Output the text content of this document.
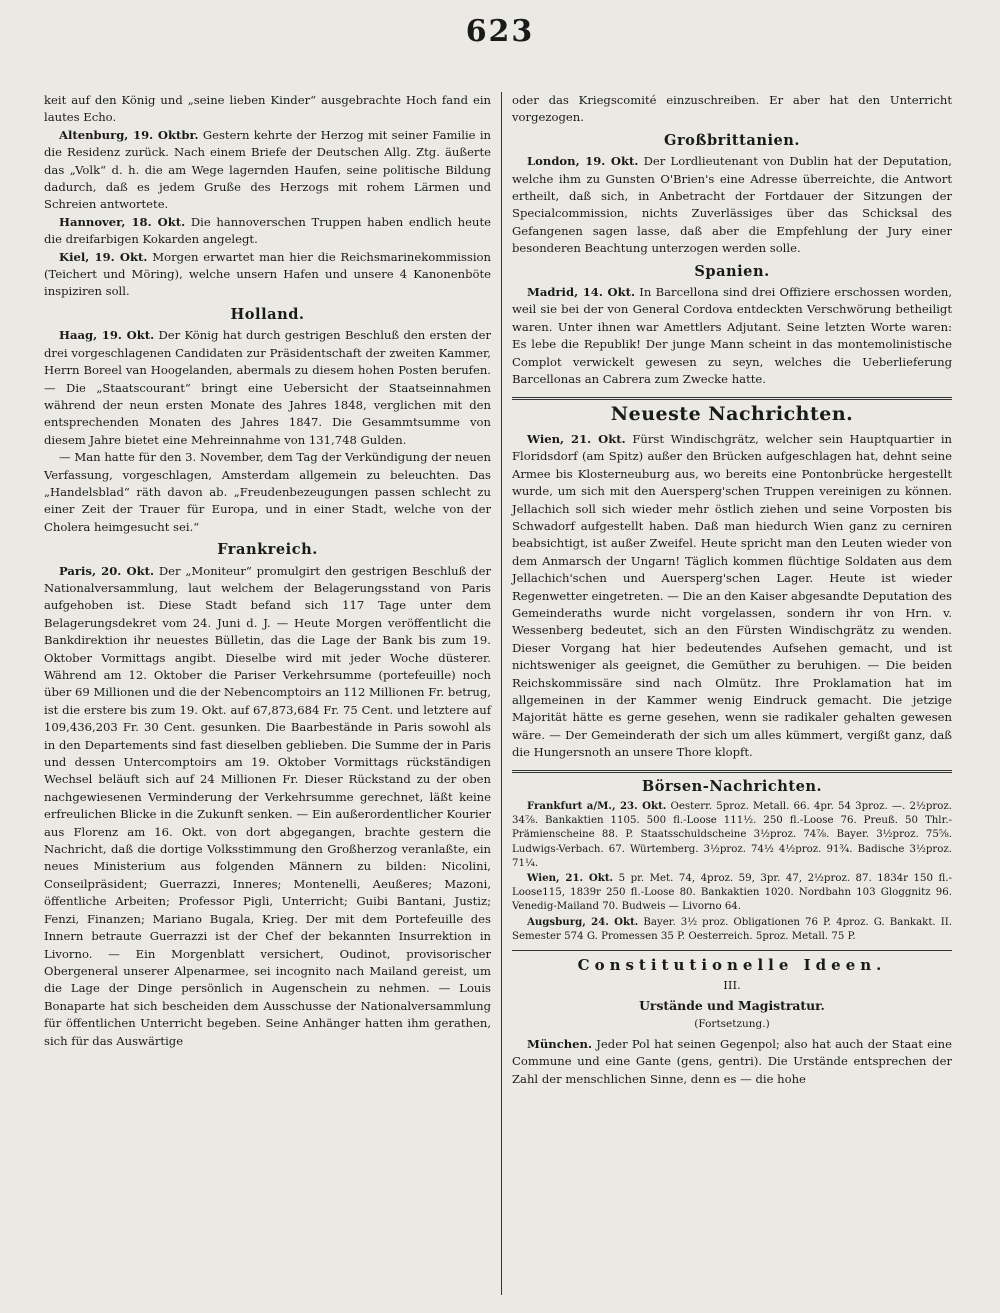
623

keit auf den König und „seine lieben Kinder“ ausgebrachte Hoch fand ein lautes Echo.

Altenburg, 19. Oktbr. Gestern kehrte der Herzog mit seiner Familie in die Residenz zurück. Nach einem Briefe der Deutschen Allg. Ztg. äußerte das „Volk“ d. h. die am Wege lagernden Haufen, seine politische Bildung dadurch, daß es jedem Gruße des Herzogs mit rohem Lärmen und Schreien antwortete.

Hannover, 18. Okt. Die hannoverschen Truppen haben endlich heute die dreifarbigen Kokarden angelegt.

Kiel, 19. Okt. Morgen erwartet man hier die Reichsmarinekommission (Teichert und Möring), welche unsern Hafen und unsere 4 Kanonenböte inspiziren soll.

Holland.

Haag, 19. Okt. Der König hat durch gestrigen Beschluß den ersten der drei vorgeschlagenen Candidaten zur Präsidentschaft der zweiten Kammer, Herrn Boreel van Hoogelanden, abermals zu diesem hohen Posten berufen. — Die „Staatscourant“ bringt eine Uebersicht der Staatseinnahmen während der neun ersten Monate des Jahres 1848, verglichen mit den entsprechenden Monaten des Jahres 1847. Die Gesammtsumme von diesem Jahre bietet eine Mehreinnahme von 131,748 Gulden.

— Man hatte für den 3. November, dem Tag der Verkündigung der neuen Verfassung, vorgeschlagen, Amsterdam allgemein zu beleuchten. Das „Handelsblad“ räth davon ab. „Freudenbezeugungen passen schlecht zu einer Zeit der Trauer für Europa, und in einer Stadt, welche von der Cholera heimgesucht sei.“

Frankreich.

Paris, 20. Okt. Der „Moniteur“ promulgirt den gestrigen Beschluß der Nationalversammlung, laut welchem der Belagerungsstand von Paris aufgehoben ist. Diese Stadt befand sich 117 Tage unter dem Belagerungsdekret vom 24. Juni d. J. — Heute Morgen veröffentlicht die Bankdirektion ihr neuestes Bülletin, das die Lage der Bank bis zum 19. Oktober Vormittags angibt. Dieselbe wird mit jeder Woche düsterer. Während am 12. Oktober die Pariser Verkehrsumme (portefeuille) noch über 69 Millionen und die der Nebencomptoirs an 112 Millionen Fr. betrug, ist die erstere bis zum 19. Okt. auf 67,873,684 Fr. 75 Cent. und letztere auf 109,436,203 Fr. 30 Cent. gesunken. Die Baarbestände in Paris sowohl als in den Departements sind fast dieselben geblieben. Die Summe der in Paris und dessen Untercomptoirs am 19. Oktober Vormittags rückständigen Wechsel beläuft sich auf 24 Millionen Fr. Dieser Rückstand zu der oben nachgewiesenen Verminderung der Verkehrsumme gerechnet, läßt keine erfreulichen Blicke in die Zukunft senken. — Ein außerordentlicher Kourier aus Florenz am 16. Okt. von dort abgegangen, brachte gestern die Nachricht, daß die dortige Volksstimmung den Großherzog veranlaßte, ein neues Ministerium aus folgenden Männern zu bilden: Nicolini, Conseilpräsident; Guerrazzi, Inneres; Montenelli, Aeußeres; Mazoni, öffentliche Arbeiten; Professor Pigli, Unterricht; Guibi Bantani, Justiz; Fenzi, Finanzen; Mariano Bugala, Krieg. Der mit dem Portefeuille des Innern betraute Guerrazzi ist der Chef der bekannten Insurrektion in Livorno. — Ein Morgenblatt versichert, Oudinot, provisorischer Obergeneral unserer Alpenarmee, sei incognito nach Mailand gereist, um die Lage der Dinge persönlich in Augenschein zu nehmen. — Louis Bonaparte hat sich bescheiden dem Ausschusse der Nationalversammlung für öffentlichen Unterricht begeben. Seine Anhänger hatten ihm gerathen, sich für das Auswärtige

oder das Kriegscomité einzuschreiben. Er aber hat den Unterricht vorgezogen.

Großbrittanien.

London, 19. Okt. Der Lordlieutenant von Dublin hat der Deputation, welche ihm zu Gunsten O'Brien's eine Adresse überreichte, die Antwort ertheilt, daß sich, in Anbetracht der Fortdauer der Sitzungen der Specialcommission, nichts Zuverlässiges über das Schicksal des Gefangenen sagen lasse, daß aber die Empfehlung der Jury einer besonderen Beachtung unterzogen werden solle.

Spanien.

Madrid, 14. Okt. In Barcellona sind drei Offiziere erschossen worden, weil sie bei der von General Cordova entdeckten Verschwörung betheiligt waren. Unter ihnen war Amettlers Adjutant. Seine letzten Worte waren: Es lebe die Republik! Der junge Mann scheint in das montemolinistische Complot verwickelt gewesen zu seyn, welches die Ueberlieferung Barcellonas an Cabrera zum Zwecke hatte.

Neueste Nachrichten.

Wien, 21. Okt. Fürst Windischgrätz, welcher sein Hauptquartier in Floridsdorf (am Spitz) außer den Brücken aufgeschlagen hat, dehnt seine Armee bis Klosterneuburg aus, wo bereits eine Pontonbrücke hergestellt wurde, um sich mit den Auersperg'schen Truppen vereinigen zu können. Jellachich soll sich wieder mehr östlich ziehen und seine Vorposten bis Schwadorf aufgestellt haben. Daß man hiedurch Wien ganz zu cerniren beabsichtigt, ist außer Zweifel. Heute spricht man den Leuten wieder von dem Anmarsch der Ungarn! Täglich kommen flüchtige Soldaten aus dem Jellachich'schen und Auersperg'schen Lager. Heute ist wieder Regenwetter eingetreten. — Die an den Kaiser abgesandte Deputation des Gemeinderaths wurde nicht vorgelassen, sondern ihr von Hrn. v. Wessenberg bedeutet, sich an den Fürsten Windischgrätz zu wenden. Dieser Vorgang hat hier bedeutendes Aufsehen gemacht, und ist nichtsweniger als geeignet, die Gemüther zu beruhigen. — Die beiden Reichskommissäre sind nach Olmütz. Ihre Proklamation hat im allgemeinen in der Kammer wenig Eindruck gemacht. Die jetzige Majorität hätte es gerne gesehen, wenn sie radikaler gehalten gewesen wäre. — Der Gemeinderath der sich um alles kümmert, vergißt ganz, daß die Hungersnoth an unsere Thore klopft.

Börsen-Nachrichten.

Frankfurt a/M., 23. Okt. Oesterr. 5proz. Metall. 66. 4pr. 54 3proz. —. 2½proz. 34⅞. Bankaktien 1105. 500 fl.-Loose 111½. 250 fl.-Loose 76. Preuß. 50 Thlr.-Prämienscheine 88. P. Staatsschuldscheine 3½proz. 74⅞. Bayer. 3½proz. 75⅝. Ludwigs-Verbach. 67. Würtemberg. 3½proz. 74½ 4½proz. 91¾. Badische 3½proz. 71¼.

Wien, 21. Okt. 5 pr. Met. 74, 4proz. 59, 3pr. 47, 2½proz. 87. 1834r 150 fl.-Loose115, 1839r 250 fl.-Loose 80. Bankaktien 1020. Nordbahn 103 Gloggnitz 96. Venedig-Mailand 70. Budweis — Livorno 64.

Augsburg, 24. Okt. Bayer. 3½ proz. Obligationen 76 P. 4proz. G. Bankakt. II. Semester 574 G. Promessen 35 P. Oesterreich. 5proz. Metall. 75 P.

Constitutionelle Ideen.
III.
Urstände und Magistratur.
(Fortsetzung.)

München. Jeder Pol hat seinen Gegenpol; also hat auch der Staat eine Commune und eine Gante (gens, gentri). Die Urstände entsprechen der Zahl der menschlichen Sinne, denn es — die hohe
